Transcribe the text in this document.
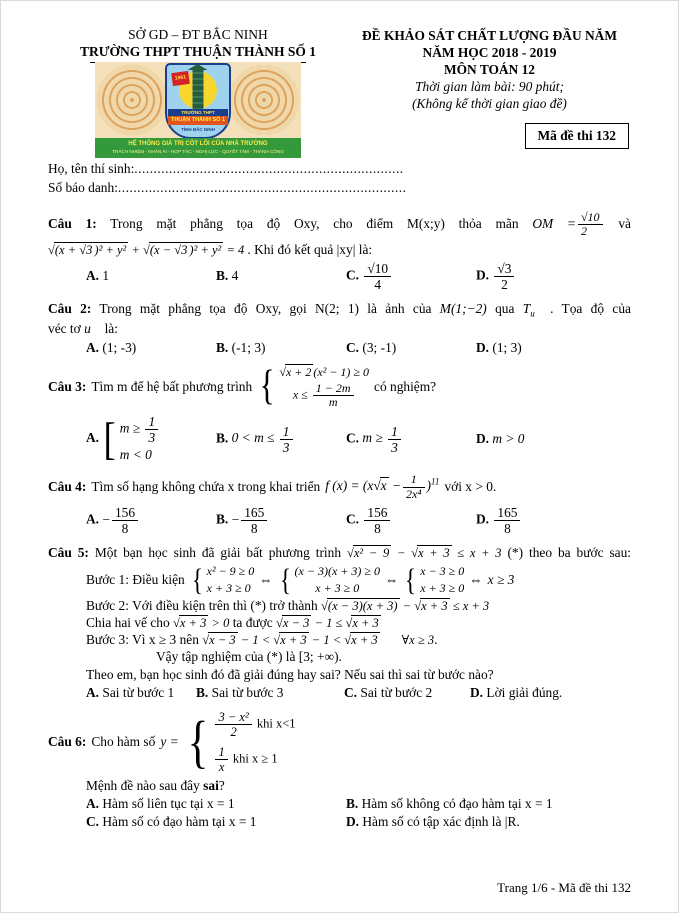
SỞ GD – ĐT BẮC NINH
TRƯỜNG THPT THUẬN THÀNH SỐ 1
1961
TRƯỜNG THPT
THUẬN THÀNH SỐ 1
TỈNH BẮC NINH
HỆ THỐNG GIÁ TRỊ CỐT LÕI CỦA NHÀ TRƯỜNG
TRÁCH NHIỆM - NHÂN ÁI - HỢP TÁC - NGHỊ LỰC - QUYẾT TÂM - THÀNH CÔNG
ĐỀ KHẢO SÁT CHẤT LƯỢNG ĐẦU NĂM
NĂM HỌC 2018 - 2019
MÔN TOÁN 12
Thời gian làm bài: 90 phút;
(Không kể thời gian giao đề)
Mã đề thi 132
Họ, tên thí sinh:......................................................................
Số báo danh:...........................................................................
Câu 1: Trong mặt phẳng tọa độ Oxy, cho điểm M(x;y) thỏa mãn OM = $\frac{√10}{2}$ và
√(x + √3 )² + y² + √(x − √3 )² + y² = 4 . Khi đó kết quả |xy| là:
A. 1	B. 4	C. $\frac{√10}{4}$	D. $\frac{√3}{2}$
Câu 2: Trong mặt phẳng tọa độ Oxy, gọi N(2; 1) là ảnh của M(1;−2) qua $T_{u⃗}$ . Tọa độ của
véc tơ u⃗ là:
A. (1; -3)	B. (-1; 3)	C. (3; -1)	D. (1; 3)
Câu 3: Tìm m để hệ bất phương trình { √x + 2 (x² − 1) ≥ 0
$x \le \frac{1 - 2m}{m}$ có nghiệm?
A. [ $m \ge \frac{1}{3}$
m < 0
B. $0 < m \le \frac{1}{3}$	C. $m \ge \frac{1}{3}$	D. m > 0
Câu 4: Tìm số hạng không chứa x trong khai triển f $(x) = (x√x - \frac{1}{\text{2x⁴}} )^{11}$ với x > 0.
A. − $\frac{156}{8}$	B. − $\frac{165}{8}$	C. $\frac{156}{8}$	D. $\frac{165}{8}$
Câu 5: Một bạn học sinh đã giải bất phương trình √x² − 9 − √x + 3 ≤ x + 3 (*) theo ba bước sau:
Bước 1: Điều kiện { x² − 9 ≥ 0
x + 3 ≥ 0
⇔ { (x − 3)(x + 3) ≥ 0
x + 3 ≥ 0
⇔ { x − 3 ≥ 0
x + 3 ≥ 0
⇔ x ≥ 3
Bước 2: Với điều kiện trên thì (*) trở thành √(x − 3)(x + 3) − √x + 3 ≤ x + 3
Chia hai vế cho √x + 3 > 0 ta được √x − 3 − 1 ≤ √x + 3
Bước 3: Vì x ≥ 3 nên √x − 3 − 1 < √x + 3 − 1 < √x + 3 ∀x ≥ 3.
Vậy tập nghiệm của (*) là [3; +∞).
Theo em, bạn học sinh đó đã giải đúng hay sai? Nếu sai thì sai từ bước nào?
A. Sai từ bước 1	B. Sai từ bước 3	C. Sai từ bước 2	D. Lời giải đúng.
Câu 6: Cho hàm số y = { $\frac{\text{3 − x²}}{2}$ khi x<1
$\frac{1}{x}$ khi x ≥ 1
Mệnh đề nào sau đây sai?
A. Hàm số liên tục tại x = 1	B. Hàm số không có đạo hàm tại x = 1
C. Hàm số có đạo hàm tại x = 1	D. Hàm số có tập xác định là |R.
Trang 1/6 - Mã đề thi 132
